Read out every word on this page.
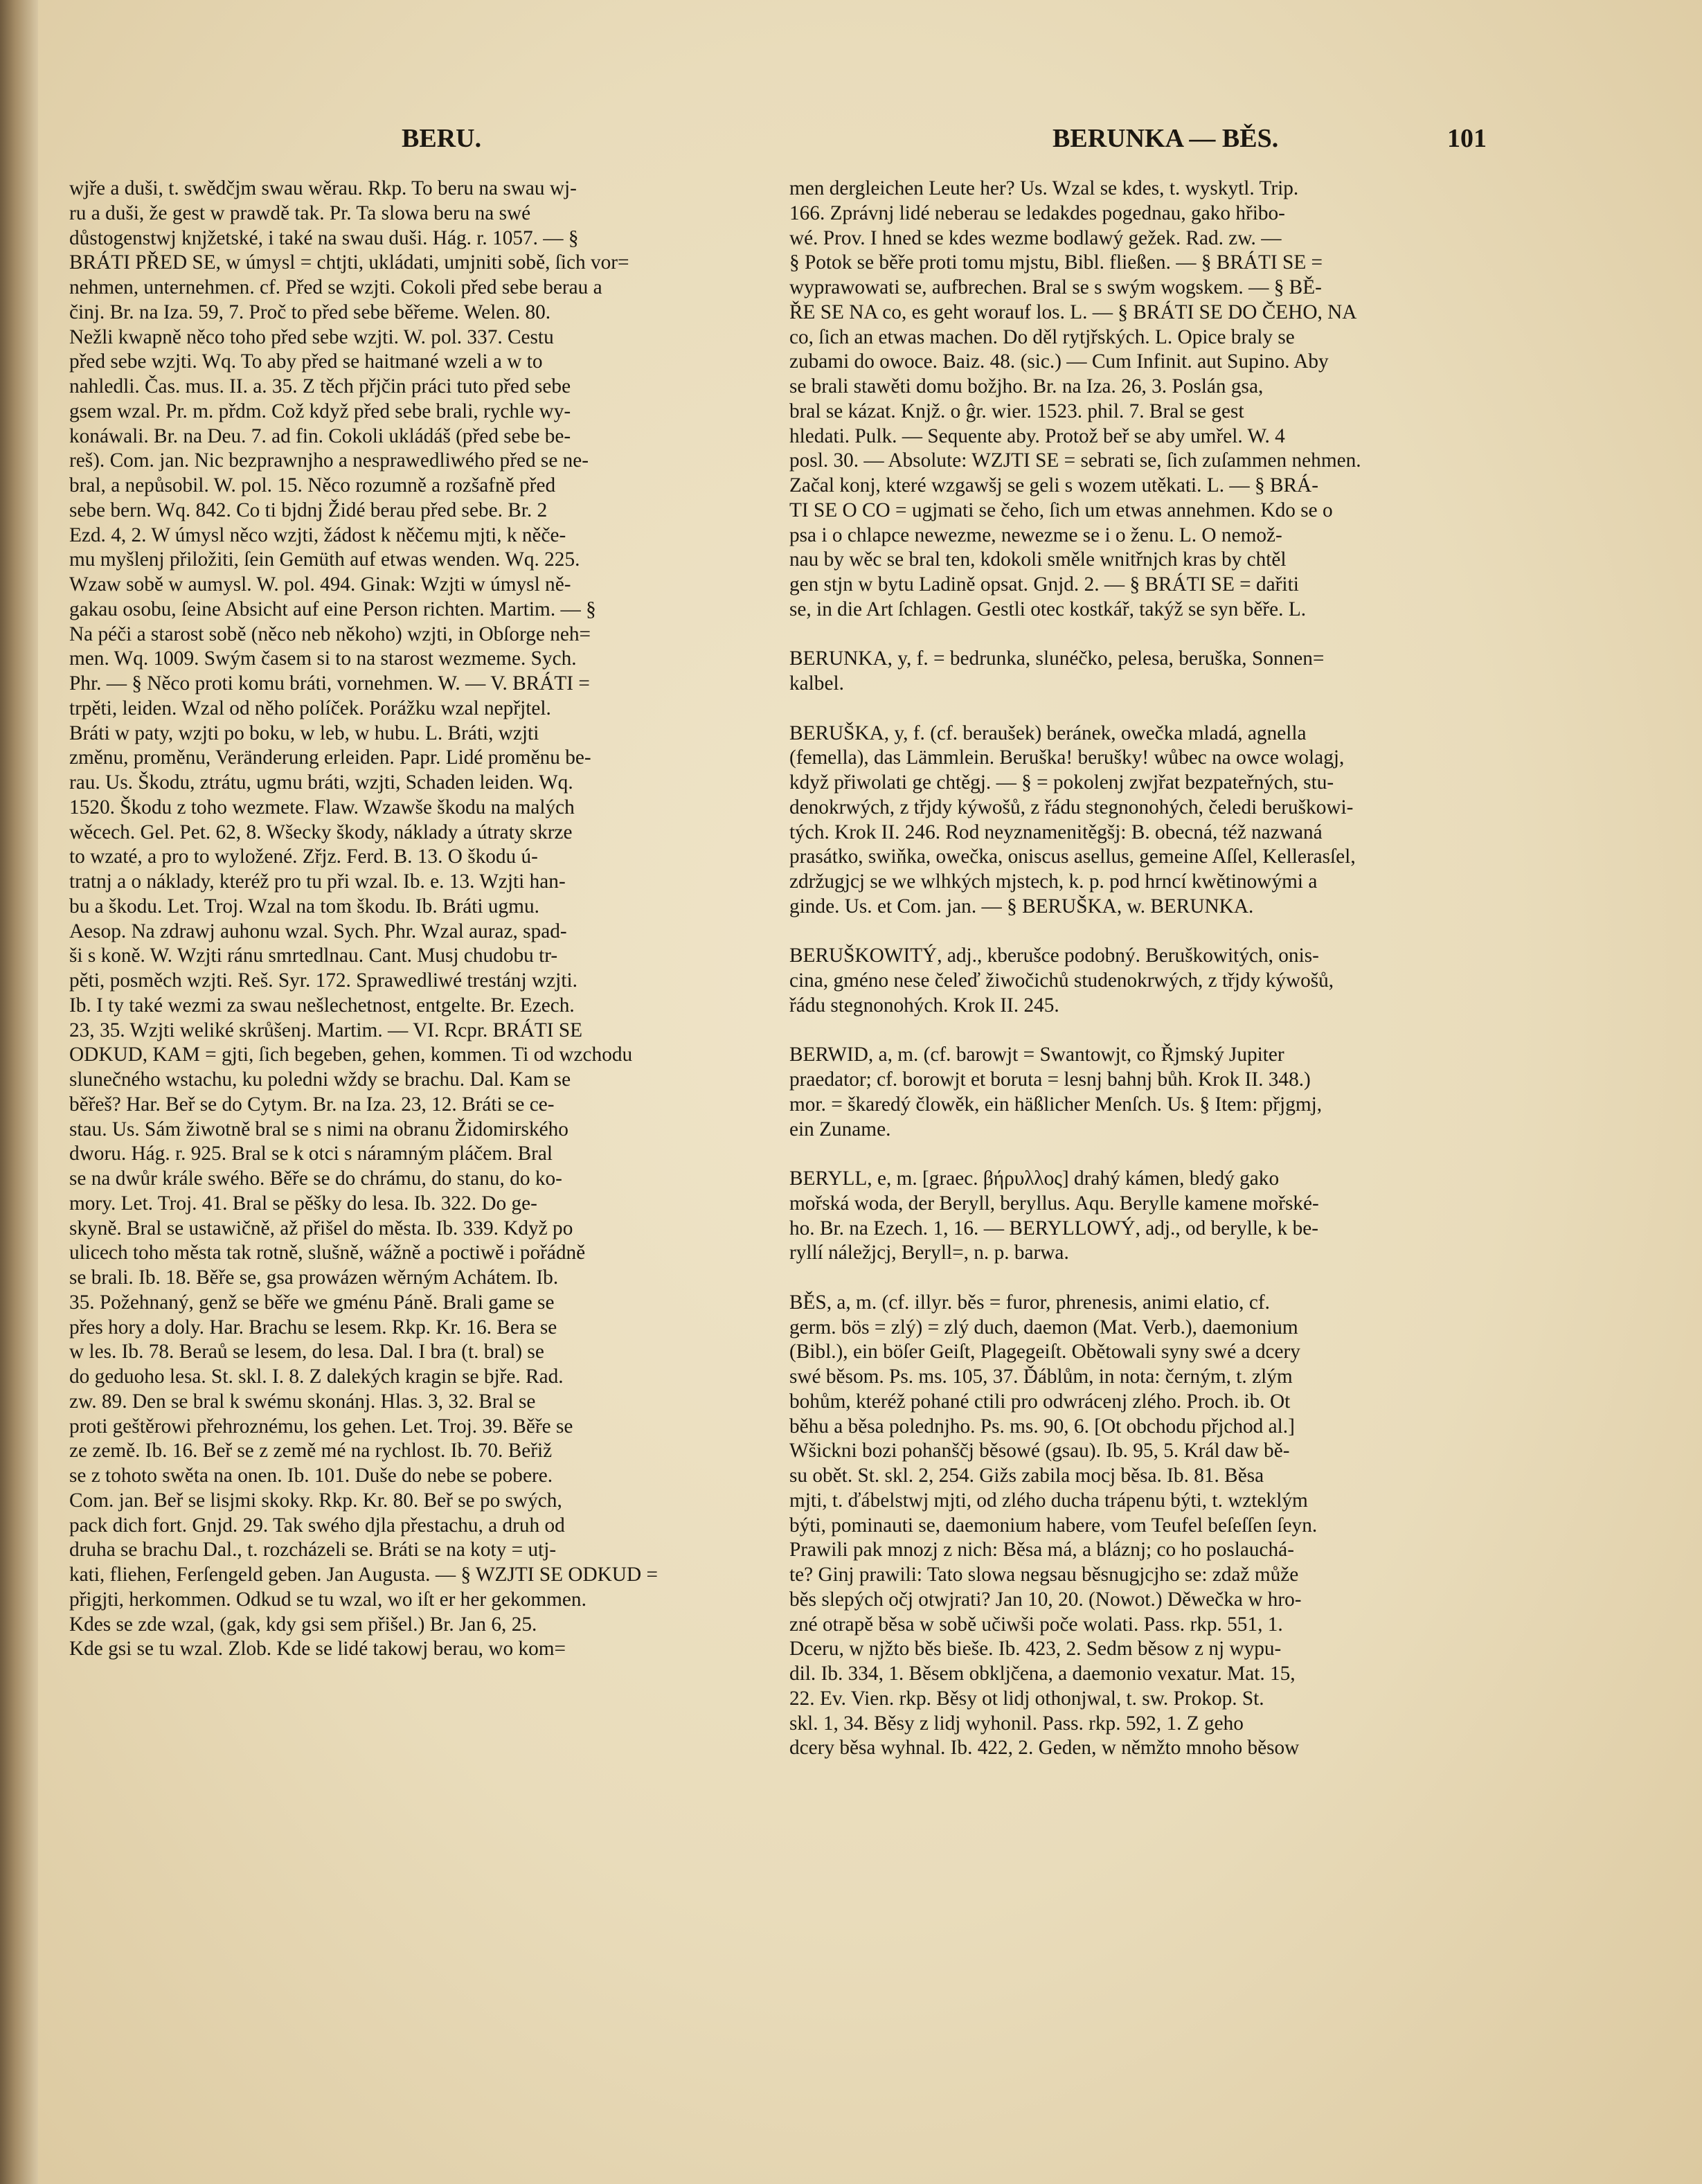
BERU.	BERUNKA — BĚS.	101
wjře a duši, t. swědčjm swau wěrau. Rkp. To beru na swau wj-
ru a duši, že gest w prawdě tak. Pr. Ta slowa beru na swé
důstogenstwj knjžetské, i také na swau duši. Hág. r. 1057. — §
BRÁTI PŘED SE, w úmysl = chtjti, ukládati, umjniti sobě, ſich vor=
nehmen, unternehmen. cf. Před se wzjti. Cokoli před sebe berau a
činj. Br. na Iza. 59, 7. Proč to před sebe běřeme. Welen. 80.
Nežli kwapně něco toho před sebe wzjti. W. pol. 337. Cestu
před sebe wzjti. Wq. To aby před se haitmané wzeli a w to
nahledli. Čas. mus. II. a. 35. Z těch přjčin práci tuto před sebe
gsem wzal. Pr. m. přdm. Což když před sebe brali, rychle wy-
konáwali. Br. na Deu. 7. ad fin. Cokoli ukládáš (před sebe be-
reš). Com. jan. Nic bezprawnjho a nesprawedliwého před se ne-
bral, a nepůsobil. W. pol. 15. Něco rozumně a rozšafně před
sebe bern. Wq. 842. Co ti bjdnj Židé berau před sebe. Br. 2
Ezd. 4, 2. W úmysl něco wzjti, žádost k něčemu mjti, k něče-
mu myšlenj přiložiti, ſein Gemüth auf etwas wenden. Wq. 225.
Wzaw sobě w aumysl. W. pol. 494. Ginak: Wzjti w úmysl ně-
gakau osobu, ſeine Absicht auf eine Person richten. Martim. — §
Na péči a starost sobě (něco neb někoho) wzjti, in Obſorge neh=
men. Wq. 1009. Swým časem si to na starost wezmeme. Sych.
Phr. — § Něco proti komu bráti, vornehmen. W. — V. BRÁTI =
trpěti, leiden. Wzal od něho políček. Porážku wzal nepřjtel.
Bráti w paty, wzjti po boku, w leb, w hubu. L. Bráti, wzjti
změnu, proměnu, Veränderung erleiden. Papr. Lidé proměnu be-
rau. Us. Škodu, ztrátu, ugmu bráti, wzjti, Schaden leiden. Wq.
1520. Škodu z toho wezmete. Flaw. Wzawše škodu na malých
wěcech. Gel. Pet. 62, 8. Wšecky škody, náklady a útraty skrze
to wzaté, a pro to wyložené. Zřjz. Ferd. B. 13. O škodu ú-
tratnj a o náklady, kteréž pro tu při wzal. Ib. e. 13. Wzjti han-
bu a škodu. Let. Troj. Wzal na tom škodu. Ib. Bráti ugmu.
Aesop. Na zdrawj auhonu wzal. Sych. Phr. Wzal auraz, spad-
ši s koně. W. Wzjti ránu smrtedlnau. Cant. Musj chudobu tr-
pěti, posměch wzjti. Reš. Syr. 172. Sprawedliwé trestánj wzjti.
Ib. I ty také wezmi za swau nešlechetnost, entgelte. Br. Ezech.
23, 35. Wzjti weliké skrůšenj. Martim. — VI. Rcpr. BRÁTI SE
ODKUD, KAM = gjti, ſich begeben, gehen, kommen. Ti od wzchodu
slunečného wstachu, ku poledni wždy se brachu. Dal. Kam se
běřeš? Har. Beř se do Cytym. Br. na Iza. 23, 12. Bráti se ce-
stau. Us. Sám žiwotně bral se s nimi na obranu Židomirského
dworu. Hág. r. 925. Bral se k otci s náramným pláčem. Bral
se na dwůr krále swého. Běře se do chrámu, do stanu, do ko-
mory. Let. Troj. 41. Bral se pěšky do lesa. Ib. 322. Do ge-
skyně. Bral se ustawičně, až přišel do města. Ib. 339. Když po
ulicech toho města tak rotně, slušně, wážně a poctiwě i pořádně
se brali. Ib. 18. Běře se, gsa prowázen wěrným Achátem. Ib.
35. Požehnaný, genž se běře we gménu Páně. Brali game se
přes hory a doly. Har. Brachu se lesem. Rkp. Kr. 16. Bera se
w les. Ib. 78. Beraů se lesem, do lesa. Dal. I bra (t. bral) se
do geduoho lesa. St. skl. I. 8. Z dalekých kragin se bjře. Rad.
zw. 89. Den se bral k swému skonánj. Hlas. 3, 32. Bral se
proti geštěrowi přehroznému, los gehen. Let. Troj. 39. Běře se
ze země. Ib. 16. Beř se z země mé na rychlost. Ib. 70. Beřiž
se z tohoto swěta na onen. Ib. 101. Duše do nebe se pobere.
Com. jan. Beř se lisjmi skoky. Rkp. Kr. 80. Beř se po swých,
pack dich fort. Gnjd. 29. Tak swého djla přestachu, a druh od
druha se brachu Dal., t. rozcházeli se. Bráti se na koty = utj-
kati, fliehen, Ferſengeld geben. Jan Augusta. — § WZJTI SE ODKUD =
přigjti, herkommen. Odkud se tu wzal, wo iſt er her gekommen.
Kdes se zde wzal, (gak, kdy gsi sem přišel.) Br. Jan 6, 25.
Kde gsi se tu wzal. Zlob. Kde se lidé takowj berau, wo kom=
men dergleichen Leute her? Us. Wzal se kdes, t. wyskytl. Trip.
166. Zprávnj lidé neberau se ledakdes pogednau, gako hřibo-
wé. Prov. I hned se kdes wezme bodlawý gežek. Rad. zw. —
§ Potok se běře proti tomu mjstu, Bibl. fließen. — § BRÁTI SE =
wyprawowati se, aufbrechen. Bral se s swým wogskem. — § BĚ-
ŘE SE NA co, es geht worauf los. L. — § BRÁTI SE DO ČEHO, NA
co, ſich an etwas machen. Do děl rytjřských. L. Opice braly se
zubami do owoce. Baiz. 48. (sic.) — Cum Infinit. aut Supino. Aby
se brali stawěti domu božjho. Br. na Iza. 26, 3. Poslán gsa,
bral se kázat. Knjž. o ĝr. wier. 1523. phil. 7. Bral se gest
hledati. Pulk. — Sequente aby. Protož beř se aby umřel. W. 4
posl. 30. — Absolute: WZJTI SE = sebrati se, ſich zuſammen nehmen.
Začal konj, které wzgawšj se geli s wozem utěkati. L. — § BRÁ-
TI SE O CO = ugjmati se čeho, ſich um etwas annehmen. Kdo se o
psa i o chlapce newezme, newezme se i o ženu. L. O nemož-
nau by wěc se bral ten, kdokoli směle wnitřnjch kras by chtěl
gen stjn w bytu Ladině opsat. Gnjd. 2. — § BRÁTI SE = dařiti
se, in die Art ſchlagen. Gestli otec kostkář, takýž se syn běře. L.
BERUNKA, y, f. = bedrunka, slunéčko, pelesa, beruška, Sonnen=
kalbel.
BERUŠKA, y, f. (cf. beraušek) beránek, owečka mladá, agnella
(femella), das Lämmlein. Beruška! berušky! wůbec na owce wolagj,
když přiwolati ge chtěgj. — § = pokolenj zwjřat bezpateřných, stu-
denokrwých, z třjdy kýwošů, z řádu stegnonohých, čeledi beruškowi-
tých. Krok II. 246. Rod neyznamenitěgšj: B. obecná, též nazwaná
prasátko, swiňka, owečka, oniscus asellus, gemeine Aſſel, Kellerasſel,
zdržugjcj se we wlhkých mjstech, k. p. pod hrncí kwětinowými a
ginde. Us. et Com. jan. — § BERUŠKA, w. BERUNKA.
BERUŠKOWITÝ, adj., kberušce podobný. Beruškowitých, onis-
cina, gméno nese čeleď žiwočichů studenokrwých, z třjdy kýwošů,
řádu stegnonohých. Krok II. 245.
BERWID, a, m. (cf. barowjt = Swantowjt, co Řjmský Jupiter
praedator; cf. borowjt et boruta = lesnj bahnj bůh. Krok II. 348.)
mor. = škaredý člowěk, ein häßlicher Menſch. Us. § Item: přjgmj,
ein Zuname.
BERYLL, e, m. [graec. βήρυλλος] drahý kámen, bledý gako
mořská woda, der Beryll, beryllus. Aqu. Berylle kamene mořské-
ho. Br. na Ezech. 1, 16. — BERYLLOWÝ, adj., od berylle, k be-
ryllí náležjcj, Beryll=, n. p. barwa.
BĚS, a, m. (cf. illyr. běs = furor, phrenesis, animi elatio, cf.
germ. bös = zlý) = zlý duch, daemon (Mat. Verb.), daemonium
(Bibl.), ein böſer Geiſt, Plagegeiſt. Obětowali syny swé a dcery
swé běsom. Ps. ms. 105, 37. Ďáblům, in nota: černým, t. zlým
bohům, kteréž pohané ctili pro odwrácenj zlého. Proch. ib. Ot
běhu a běsa polednjho. Ps. ms. 90, 6. [Ot obchodu přjchod al.]
Wšickni bozi pohanščj běsowé (gsau). Ib. 95, 5. Král daw bě-
su obět. St. skl. 2, 254. Gižs zabila mocj běsa. Ib. 81. Běsa
mjti, t. ďábelstwj mjti, od zlého ducha trápenu býti, t. wzteklým
býti, pominauti se, daemonium habere, vom Teufel beſeſſen ſeyn.
Prawili pak mnozj z nich: Běsa má, a bláznj; co ho poslauchá-
te? Ginj prawili: Tato slowa negsau běsnugjcjho se: zdaž může
běs slepých očj otwjrati? Jan 10, 20. (Nowot.) Děwečka w hro-
zné otrapě běsa w sobě učiwši poče wolati. Pass. rkp. 551, 1.
Dceru, w njžto běs bieše. Ib. 423, 2. Sedm běsow z nj wypu-
dil. Ib. 334, 1. Běsem obkljčena, a daemonio vexatur. Mat. 15,
22. Ev. Vien. rkp. Běsy ot lidj othonjwal, t. sw. Prokop. St.
skl. 1, 34. Běsy z lidj wyhonil. Pass. rkp. 592, 1. Z geho
dcery běsa wyhnal. Ib. 422, 2. Geden, w němžto mnoho běsow
